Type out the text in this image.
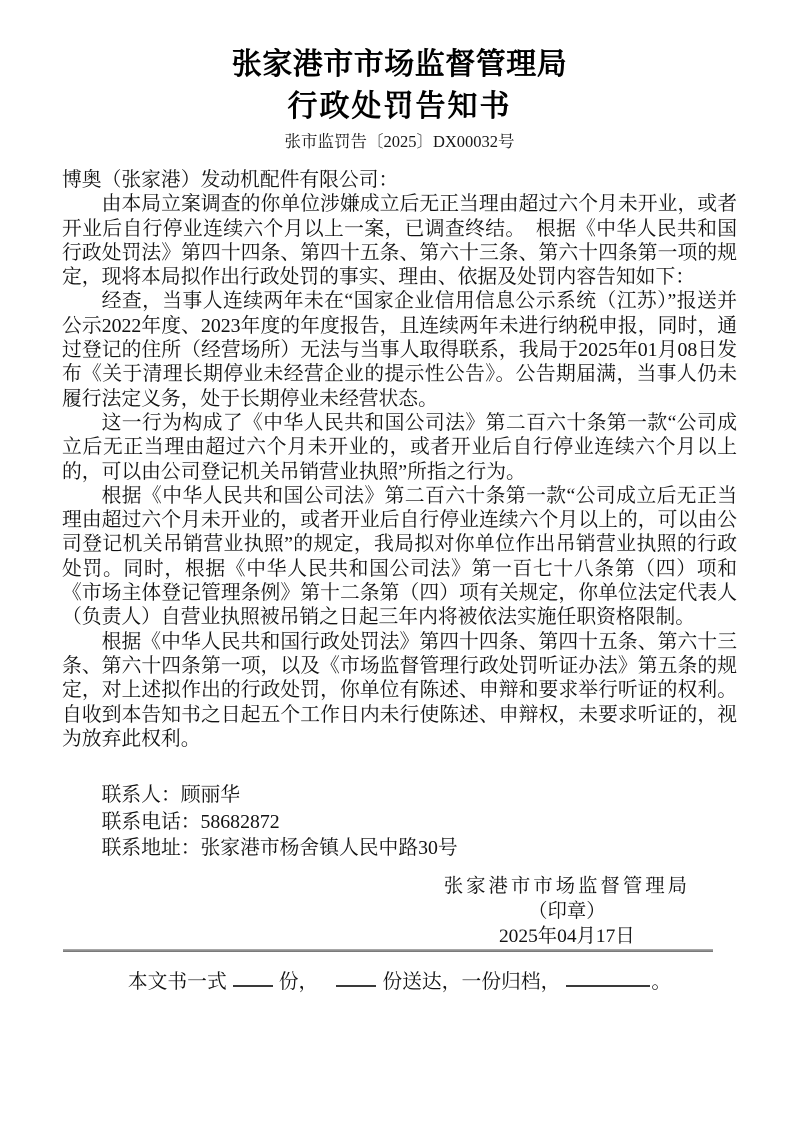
张家港市市场监督管理局
行政处罚告知书
张市监罚告〔2025〕DX00032号

博奥（张家港）发动机配件有限公司：

由本局立案调查的你单位涉嫌成立后无正当理由超过六个月未开业，或者开业后自行停业连续六个月以上一案，已调查终结。　根据《中华人民共和国行政处罚法》第四十四条、第四十五条、第六十三条、第六十四条第一项的规定，现将本局拟作出行政处罚的事实、理由、依据及处罚内容告知如下：

经查，当事人连续两年未在“国家企业信用信息公示系统（江苏）”报送并公示2022年度、2023年度的年度报告，且连续两年未进行纳税申报，同时，通过登记的住所（经营场所）无法与当事人取得联系，我局于2025年01月08日发布《关于清理长期停业未经营企业的提示性公告》。公告期届满，当事人仍未履行法定义务，处于长期停业未经营状态。

这一行为构成了《中华人民共和国公司法》第二百六十条第一款“公司成立后无正当理由超过六个月未开业的，或者开业后自行停业连续六个月以上的，可以由公司登记机关吊销营业执照”所指之行为。

根据《中华人民共和国公司法》第二百六十条第一款“公司成立后无正当理由超过六个月未开业的，或者开业后自行停业连续六个月以上的，可以由公司登记机关吊销营业执照”的规定，我局拟对你单位作出吊销营业执照的行政处罚。同时，根据《中华人民共和国公司法》第一百七十八条第（四）项和《市场主体登记管理条例》第十二条第（四）项有关规定，你单位法定代表人（负责人）自营业执照被吊销之日起三年内将被依法实施任职资格限制。

根据《中华人民共和国行政处罚法》第四十四条、第四十五条、第六十三条、第六十四条第一项，以及《市场监督管理行政处罚听证办法》第五条的规定，对上述拟作出的行政处罚，你单位有陈述、申辩和要求举行听证的权利。自收到本告知书之日起五个工作日内未行使陈述、申辩权，未要求听证的，视为放弃此权利。

联系人：顾丽华

联系电话：58682872

联系地址：张家港市杨舍镇人民中路30号

张家港市市场监督管理局

（印章）

2025年04月17日

本文书一式	份，	份送达，一份归档，	。
